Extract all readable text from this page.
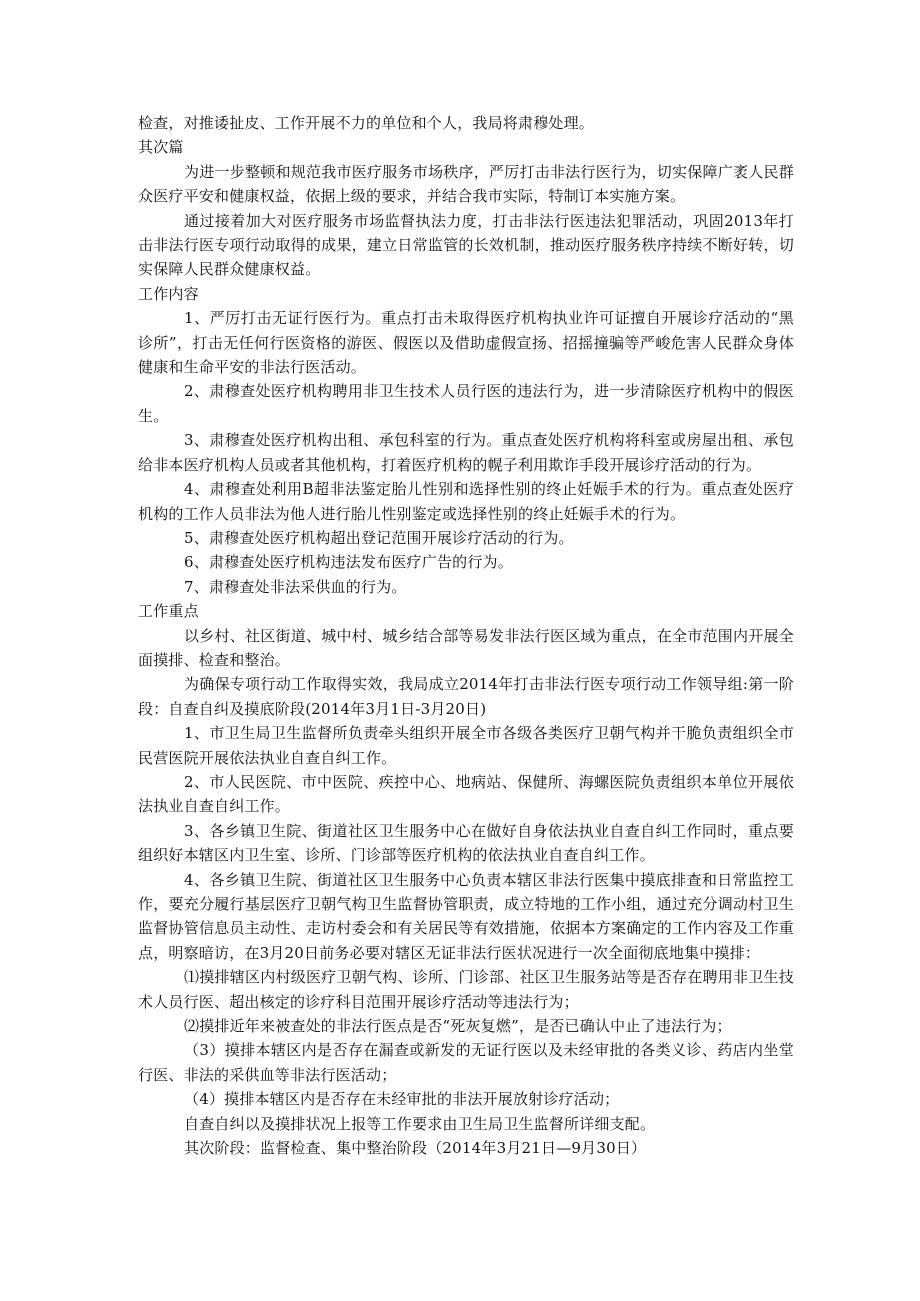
检查，对推诿扯皮、工作开展不力的单位和个人，我局将肃穆处理。

其次篇

为进一步整顿和规范我市医疗服务市场秩序，严厉打击非法行医行为，切实保障广袤人民群众医疗平安和健康权益，依据上级的要求，并结合我市实际，特制订本实施方案。

通过接着加大对医疗服务市场监督执法力度，打击非法行医违法犯罪活动，巩固2013年打击非法行医专项行动取得的成果，建立日常监管的长效机制，推动医疗服务秩序持续不断好转，切实保障人民群众健康权益。

工作内容

1、严厉打击无证行医行为。重点打击未取得医疗机构执业许可证擅自开展诊疗活动的“黑诊所”，打击无任何行医资格的游医、假医以及借助虚假宣扬、招摇撞骗等严峻危害人民群众身体健康和生命平安的非法行医活动。

2、肃穆查处医疗机构聘用非卫生技术人员行医的违法行为，进一步清除医疗机构中的假医生。

3、肃穆查处医疗机构出租、承包科室的行为。重点查处医疗机构将科室或房屋出租、承包给非本医疗机构人员或者其他机构，打着医疗机构的幌子利用欺诈手段开展诊疗活动的行为。

4、肃穆查处利用B超非法鉴定胎儿性别和选择性别的终止妊娠手术的行为。重点查处医疗机构的工作人员非法为他人进行胎儿性别鉴定或选择性别的终止妊娠手术的行为。

5、肃穆查处医疗机构超出登记范围开展诊疗活动的行为。

6、肃穆查处医疗机构违法发布医疗广告的行为。

7、肃穆查处非法采供血的行为。

工作重点

以乡村、社区街道、城中村、城乡结合部等易发非法行医区域为重点，在全市范围内开展全面摸排、检查和整治。

为确保专项行动工作取得实效，我局成立2014年打击非法行医专项行动工作领导组:第一阶段：自查自纠及摸底阶段(2014年3月1日-3月20日)

1、市卫生局卫生监督所负责牵头组织开展全市各级各类医疗卫朝气构并干脆负责组织全市民营医院开展依法执业自查自纠工作。

2、市人民医院、市中医院、疾控中心、地病站、保健所、海螺医院负责组织本单位开展依法执业自查自纠工作。

3、各乡镇卫生院、街道社区卫生服务中心在做好自身依法执业自查自纠工作同时，重点要组织好本辖区内卫生室、诊所、门诊部等医疗机构的依法执业自查自纠工作。

4、各乡镇卫生院、街道社区卫生服务中心负责本辖区非法行医集中摸底排查和日常监控工作，要充分履行基层医疗卫朝气构卫生监督协管职责，成立特地的工作小组，通过充分调动村卫生监督协管信息员主动性、走访村委会和有关居民等有效措施，依据本方案确定的工作内容及工作重点，明察暗访，在3月20日前务必要对辖区无证非法行医状况进行一次全面彻底地集中摸排：

⑴摸排辖区内村级医疗卫朝气构、诊所、门诊部、社区卫生服务站等是否存在聘用非卫生技术人员行医、超出核定的诊疗科目范围开展诊疗活动等违法行为；

⑵摸排近年来被查处的非法行医点是否“死灰复燃”，是否已确认中止了违法行为；

（3）摸排本辖区内是否存在漏查或新发的无证行医以及未经审批的各类义诊、药店内坐堂行医、非法的采供血等非法行医活动；

（4）摸排本辖区内是否存在未经审批的非法开展放射诊疗活动；

自查自纠以及摸排状况上报等工作要求由卫生局卫生监督所详细支配。

其次阶段：监督检查、集中整治阶段（2014年3月21日—9月30日）
